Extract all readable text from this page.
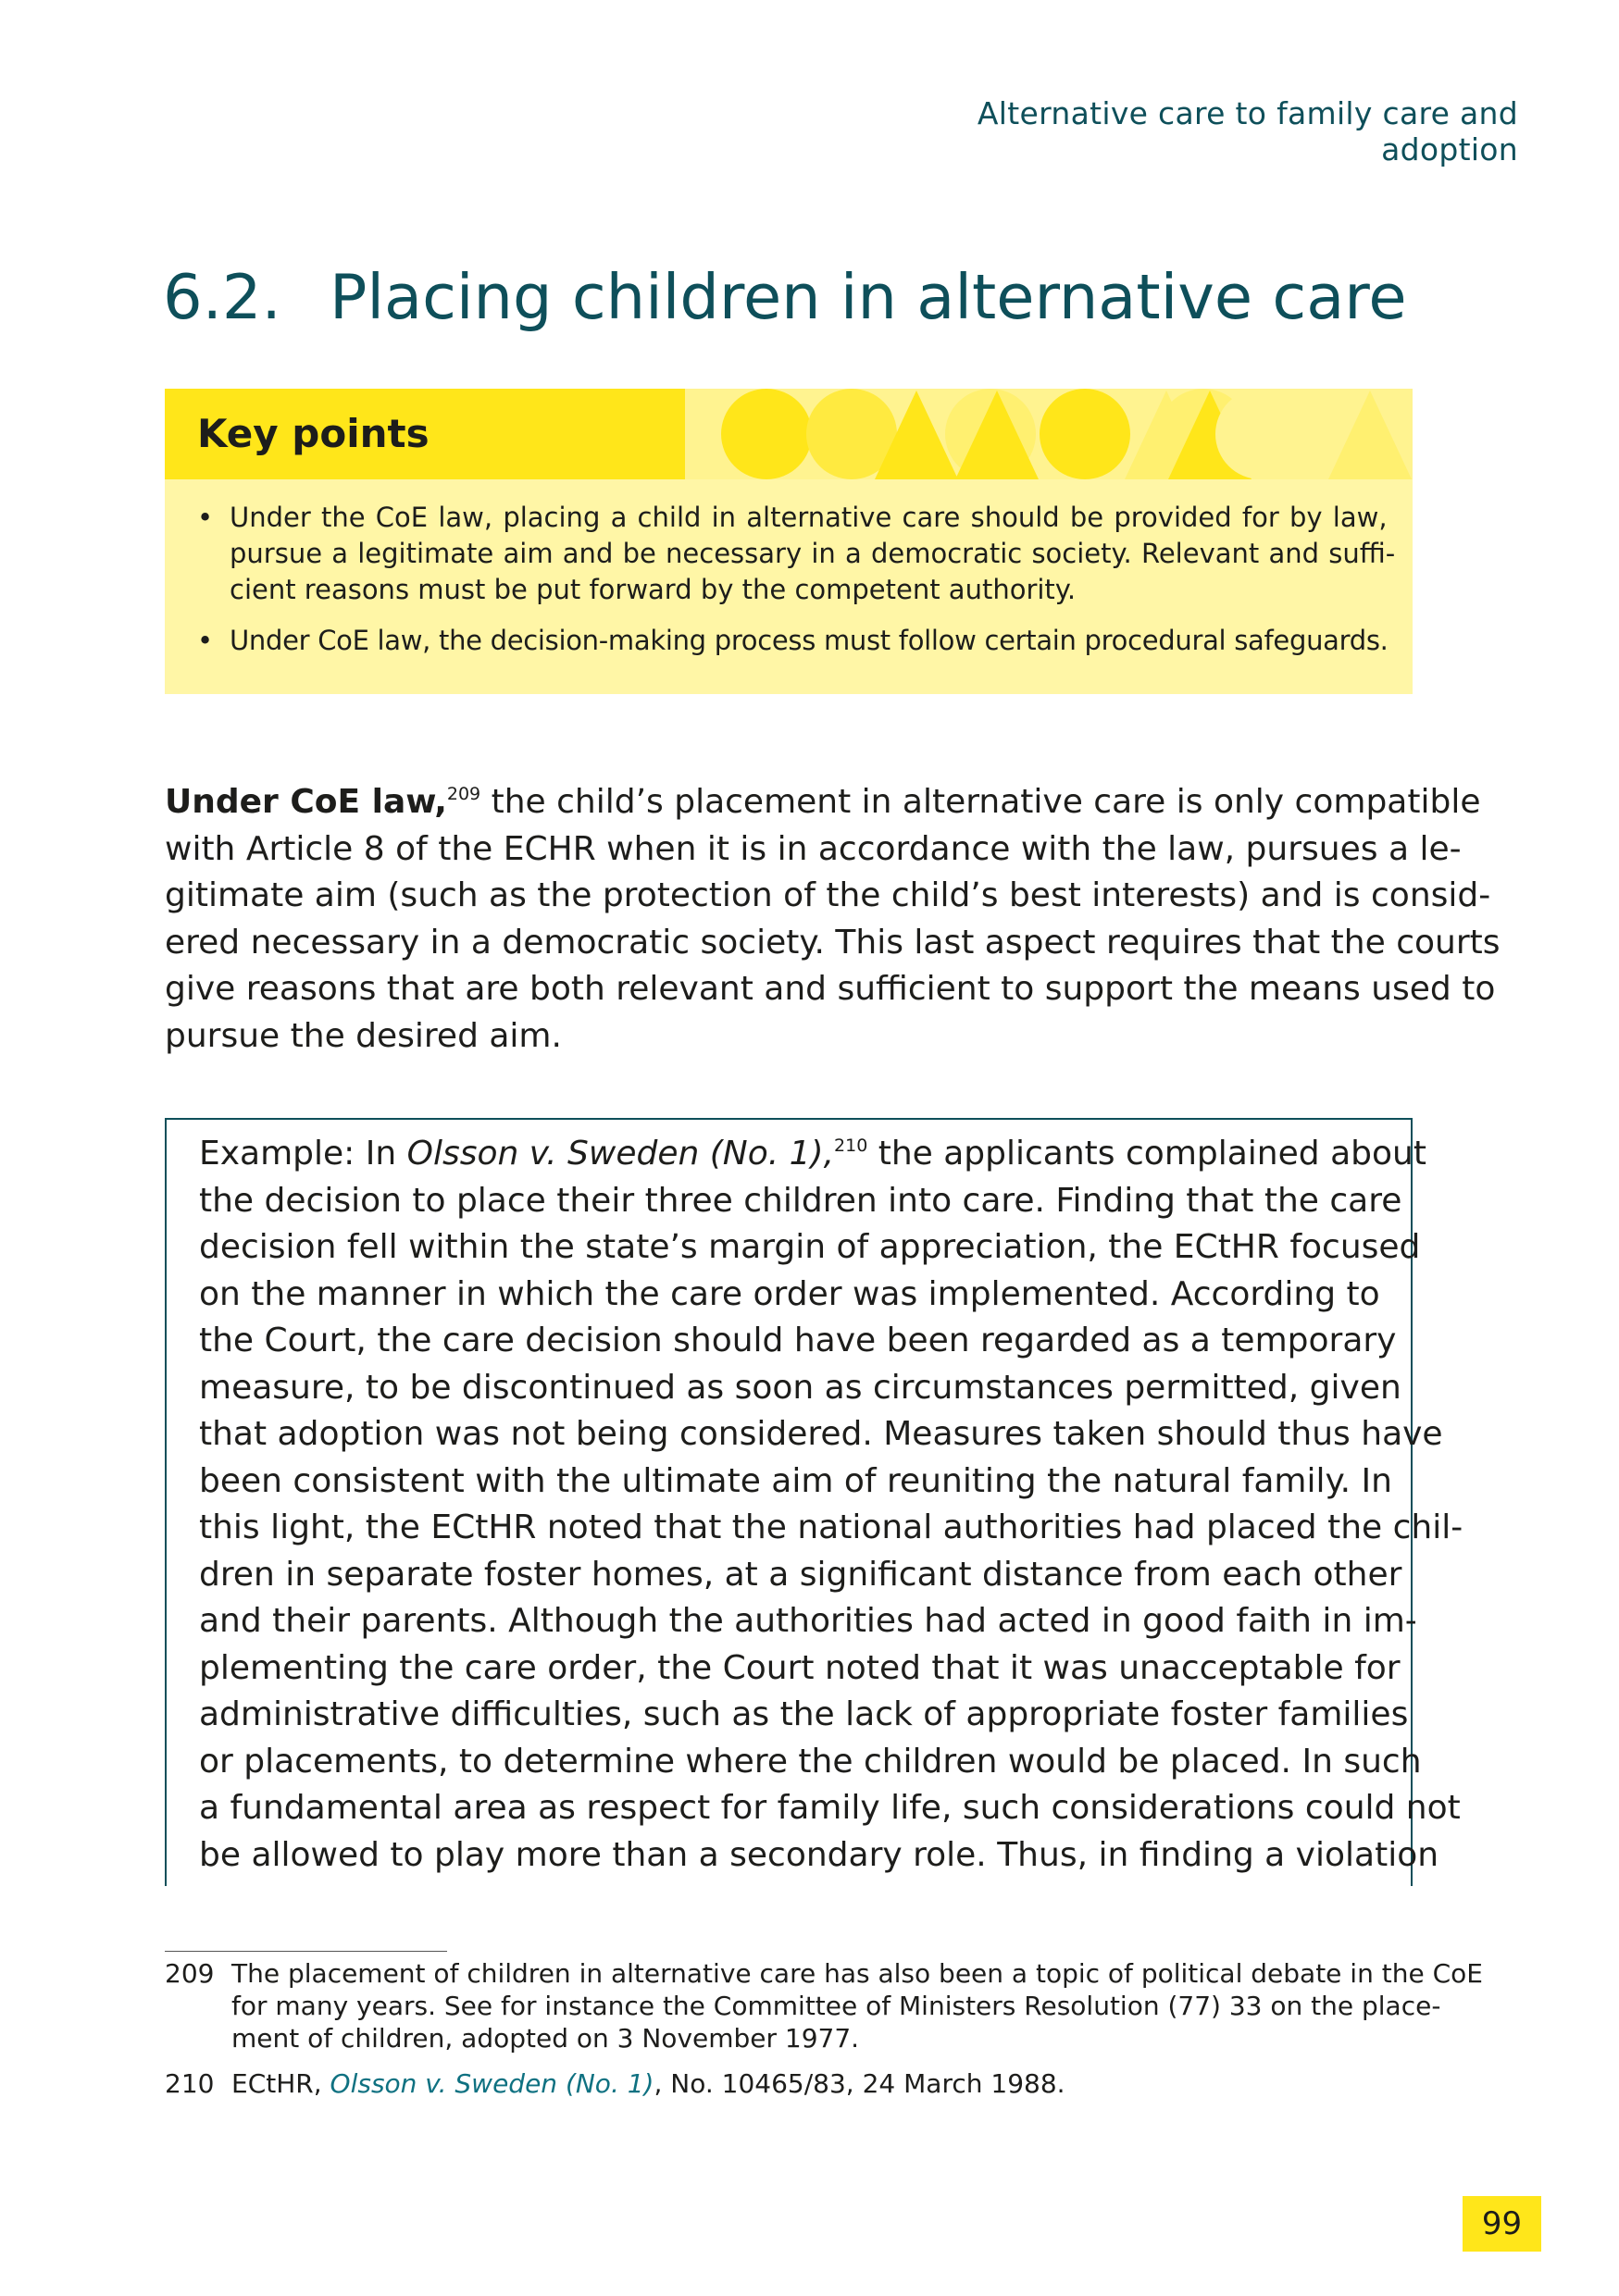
Alternative care to family care and adoption
6.2. Placing children in alternative care
Key points
• Under the CoE law, placing a child in alternative care should be provided for by law,
pursue a legitimate aim and be necessary in a democratic society. Relevant and suffi-
cient reasons must be put forward by the competent authority.
• Under CoE law, the decision-making process must follow certain procedural safeguards.
Under CoE law,$^{209}$ the child’s placement in alternative care is only compatible
with Article 8 of the ECHR when it is in accordance with the law, pursues a le-
gitimate aim (such as the protection of the child’s best interests) and is consid-
ered necessary in a democratic society. This last aspect requires that the courts
give reasons that are both relevant and sufficient to support the means used to
pursue the desired aim.
Example: In Olsson v. Sweden (No. 1),$^{210}$ the applicants complained about
the decision to place their three children into care. Finding that the care
decision fell within the state’s margin of appreciation, the ECtHR focused
on the manner in which the care order was implemented. According to
the Court, the care decision should have been regarded as a temporary
measure, to be discontinued as soon as circumstances permitted, given
that adoption was not being considered. Measures taken should thus have
been consistent with the ultimate aim of reuniting the natural family. In
this light, the ECtHR noted that the national authorities had placed the chil-
dren in separate foster homes, at a significant distance from each other
and their parents. Although the authorities had acted in good faith in im-
plementing the care order, the Court noted that it was unacceptable for
administrative difficulties, such as the lack of appropriate foster families
or placements, to determine where the children would be placed. In such
a fundamental area as respect for family life, such considerations could not
be allowed to play more than a secondary role. Thus, in finding a violation
209 The placement of children in alternative care has also been a topic of political debate in the CoE
for many years. See for instance the Committee of Ministers Resolution (77) 33 on the place-
ment of children, adopted on 3 November 1977.
210 ECtHR, Olsson v. Sweden (No. 1), No. 10465/83, 24 March 1988.
99
